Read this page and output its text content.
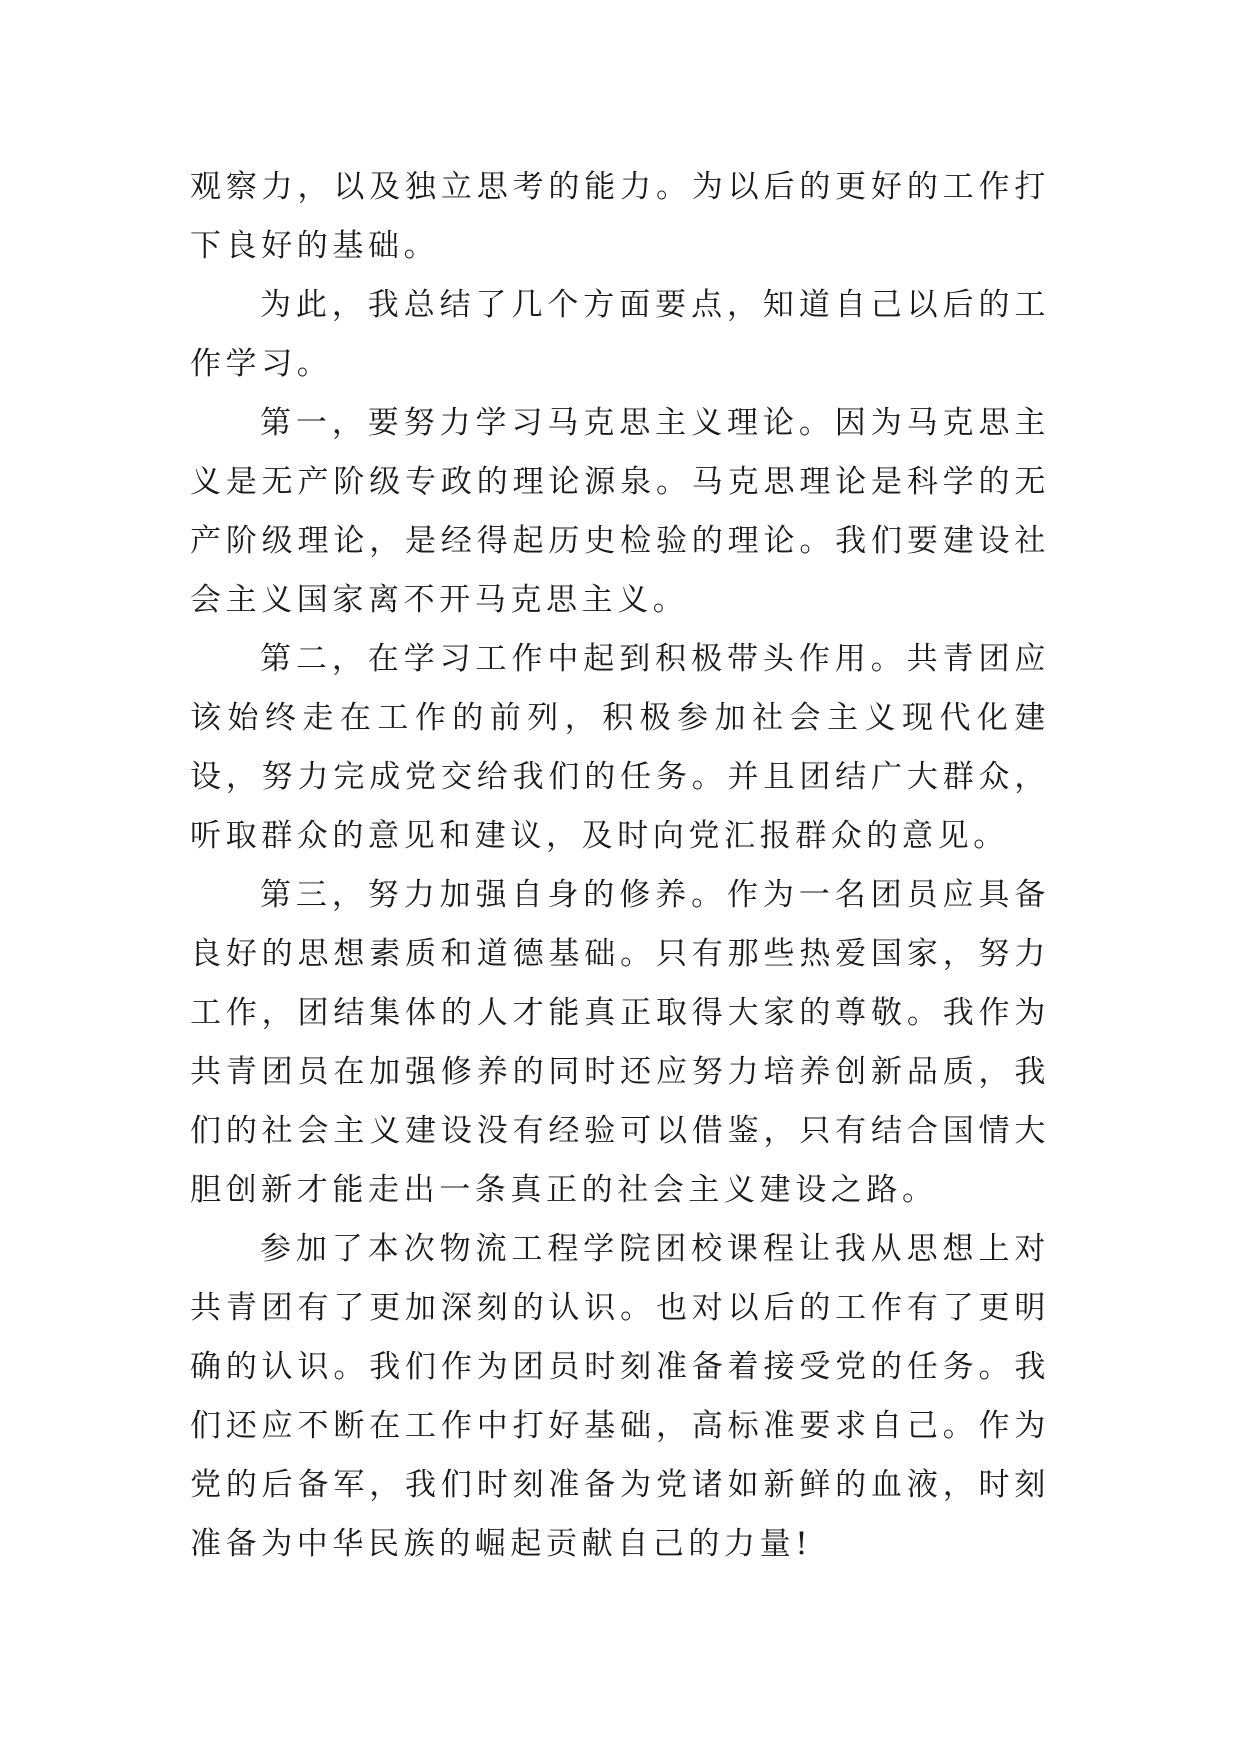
观察力，以及独立思考的能力。为以后的更好的工作打下良好的基础。

为此，我总结了几个方面要点，知道自己以后的工作学习。

第一，要努力学习马克思主义理论。因为马克思主义是无产阶级专政的理论源泉。马克思理论是科学的无产阶级理论，是经得起历史检验的理论。我们要建设社会主义国家离不开马克思主义。

第二，在学习工作中起到积极带头作用。共青团应该始终走在工作的前列，积极参加社会主义现代化建设，努力完成党交给我们的任务。并且团结广大群众，听取群众的意见和建议，及时向党汇报群众的意见。

第三，努力加强自身的修养。作为一名团员应具备良好的思想素质和道德基础。只有那些热爱国家，努力工作，团结集体的人才能真正取得大家的尊敬。我作为共青团员在加强修养的同时还应努力培养创新品质，我们的社会主义建设没有经验可以借鉴，只有结合国情大胆创新才能走出一条真正的社会主义建设之路。

参加了本次物流工程学院团校课程让我从思想上对共青团有了更加深刻的认识。也对以后的工作有了更明确的认识。我们作为团员时刻准备着接受党的任务。我们还应不断在工作中打好基础，高标准要求自己。作为党的后备军，我们时刻准备为党诸如新鲜的血液，时刻准备为中华民族的崛起贡献自己的力量!
